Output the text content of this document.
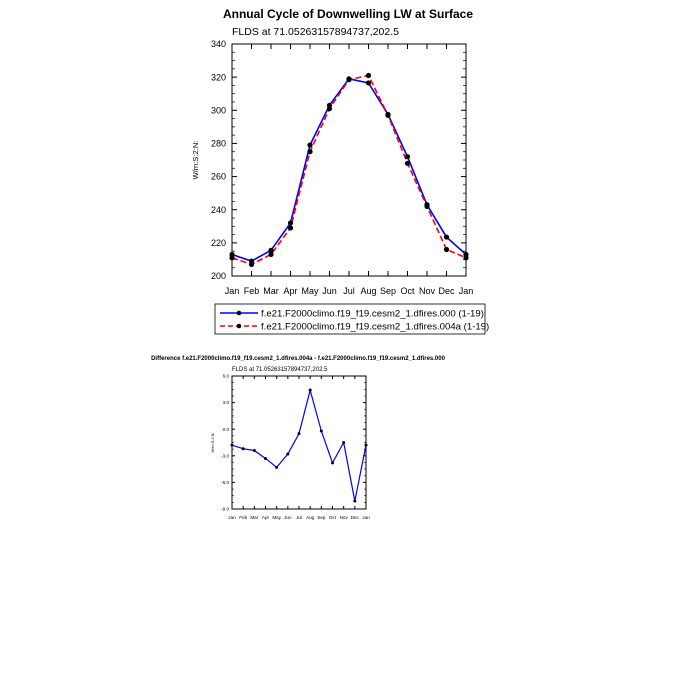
Annual Cycle of Downwelling LW at Surface
FLDS at 71.05263157894737,202.5
200
220
240
260
280
300
320
340
Jan Feb Mar Apr May Jun Jul Aug Sep Oct Nov Dec Jan
W/m:S:2:N:
f.e21.F2000climo.f19_f19.cesm2_1.dfires.000 (1-19)
f.e21.F2000climo.f19_f19.cesm2_1.dfires.004a (1-19)
Difference f.e21.F2000climo.f19_f19.cesm2_1.dfires.004a - f.e21.F2000climo.f19_f19.cesm2_1.dfires.000
FLDS at 71.05263157894737,202.5
-9.0
-6.0
-3.0
0.0
3.0
6.0
Jan Feb Mar Apr May Jun Jul Aug Sep Oct Nov Dec Jan
W/m:S:2:N:
